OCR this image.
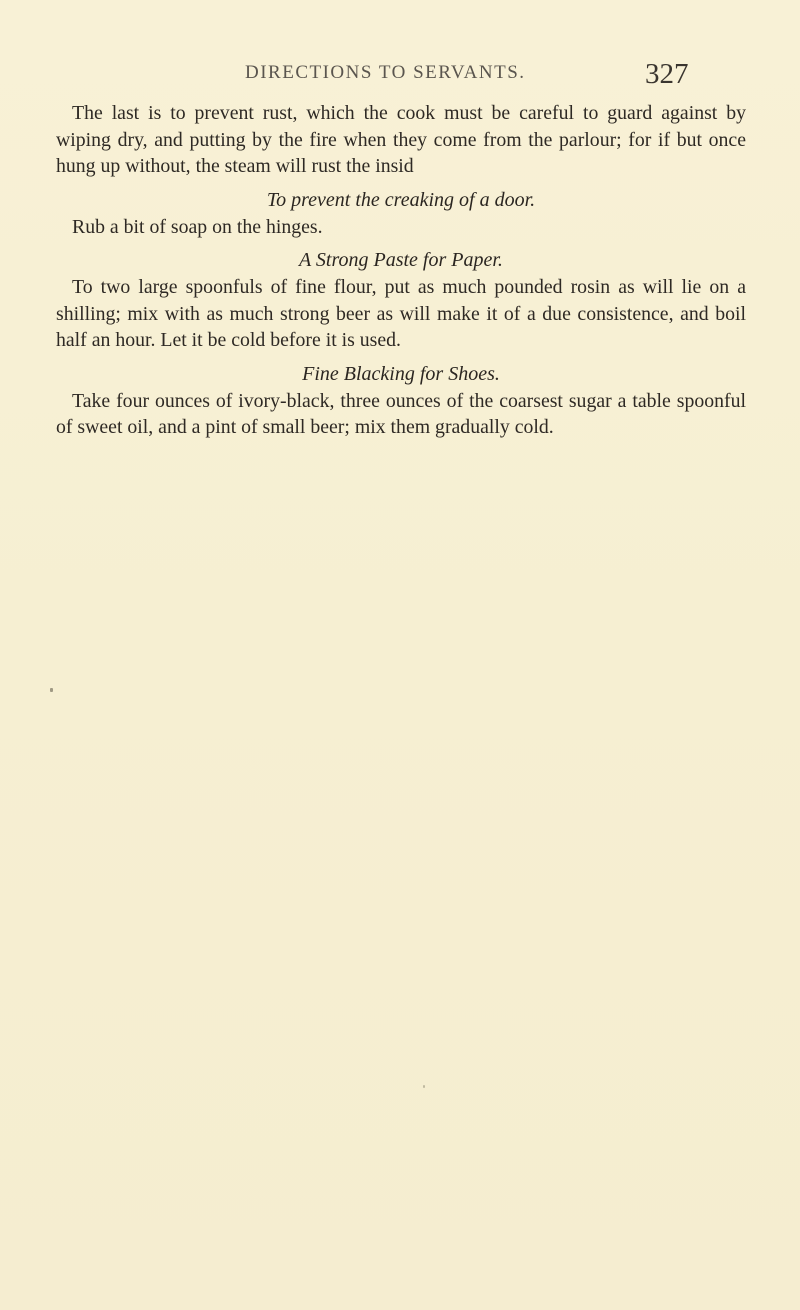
DIRECTIONS TO SERVANTS.	327

The last is to prevent rust, which the cook must be careful to guard against by wiping dry, and putting by the fire when they come from the parlour; for if but once hung up without, the steam will rust the insid

To prevent the creaking of a door.

Rub a bit of soap on the hinges.

A Strong Paste for Paper.

To two large spoonfuls of fine flour, put as much pounded rosin as will lie on a shilling; mix with as much strong beer as will make it of a due consistence, and boil half an hour. Let it be cold before it is used.

Fine Blacking for Shoes.

Take four ounces of ivory-black, three ounces of the coarsest sugar a table spoonful of sweet oil, and a pint of small beer; mix them gradually cold.
